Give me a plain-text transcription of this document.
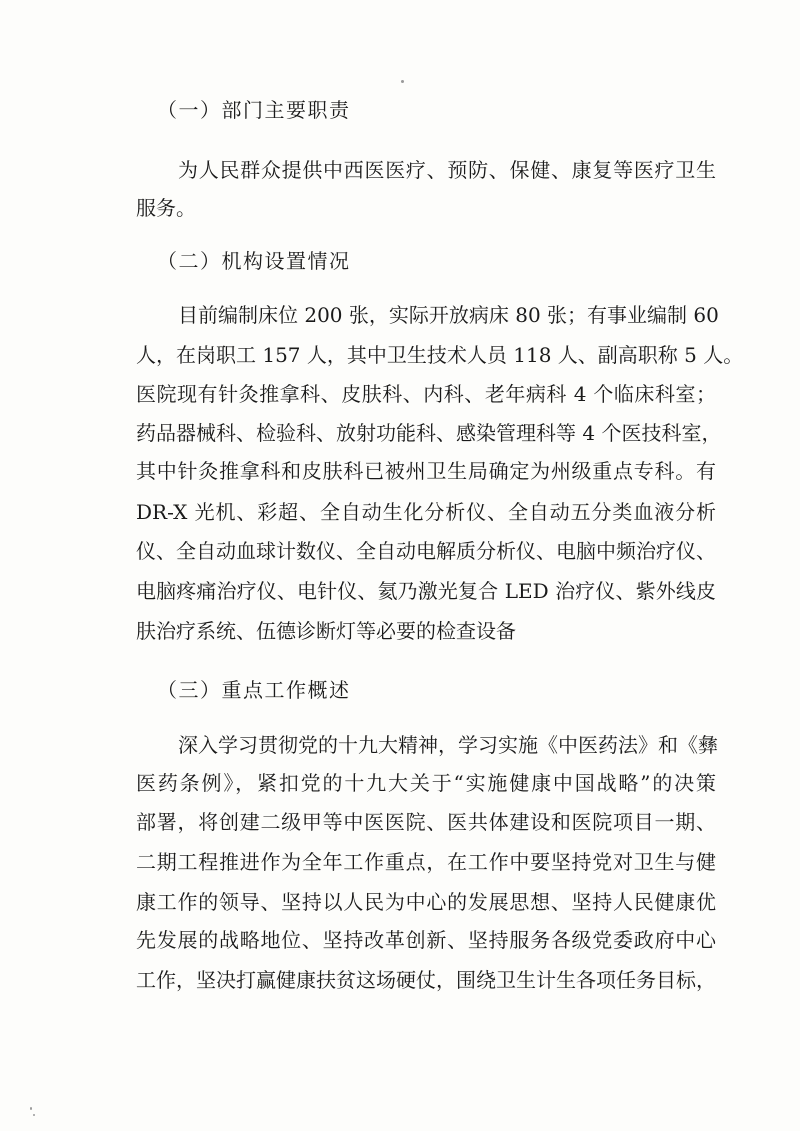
（一）部门主要职责
为人民群众提供中西医医疗、预防、保健、康复等医疗卫生
服务。
（二）机构设置情况
目前编制床位 200 张，实际开放病床 80 张；有事业编制 60
人，在岗职工 157 人，其中卫生技术人员 118 人、副高职称 5 人。
医院现有针灸推拿科、皮肤科、内科、老年病科 4 个临床科室；
药品器械科、检验科、放射功能科、感染管理科等 4 个医技科室，
其中针灸推拿科和皮肤科已被州卫生局确定为州级重点专科。有
DR-X 光机、彩超、全自动生化分析仪、全自动五分类血液分析
仪、全自动血球计数仪、全自动电解质分析仪、电脑中频治疗仪、
电脑疼痛治疗仪、电针仪、氦乃激光复合 LED 治疗仪、紫外线皮
肤治疗系统、伍德诊断灯等必要的检查设备
（三）重点工作概述
深入学习贯彻党的十九大精神，学习实施《中医药法》和《彝
医药条例》，紧扣党的十九大关于“实施健康中国战略”的决策
部署，将创建二级甲等中医医院、医共体建设和医院项目一期、
二期工程推进作为全年工作重点，在工作中要坚持党对卫生与健
康工作的领导、坚持以人民为中心的发展思想、坚持人民健康优
先发展的战略地位、坚持改革创新、坚持服务各级党委政府中心
工作，坚决打赢健康扶贫这场硬仗，围绕卫生计生各项任务目标，
